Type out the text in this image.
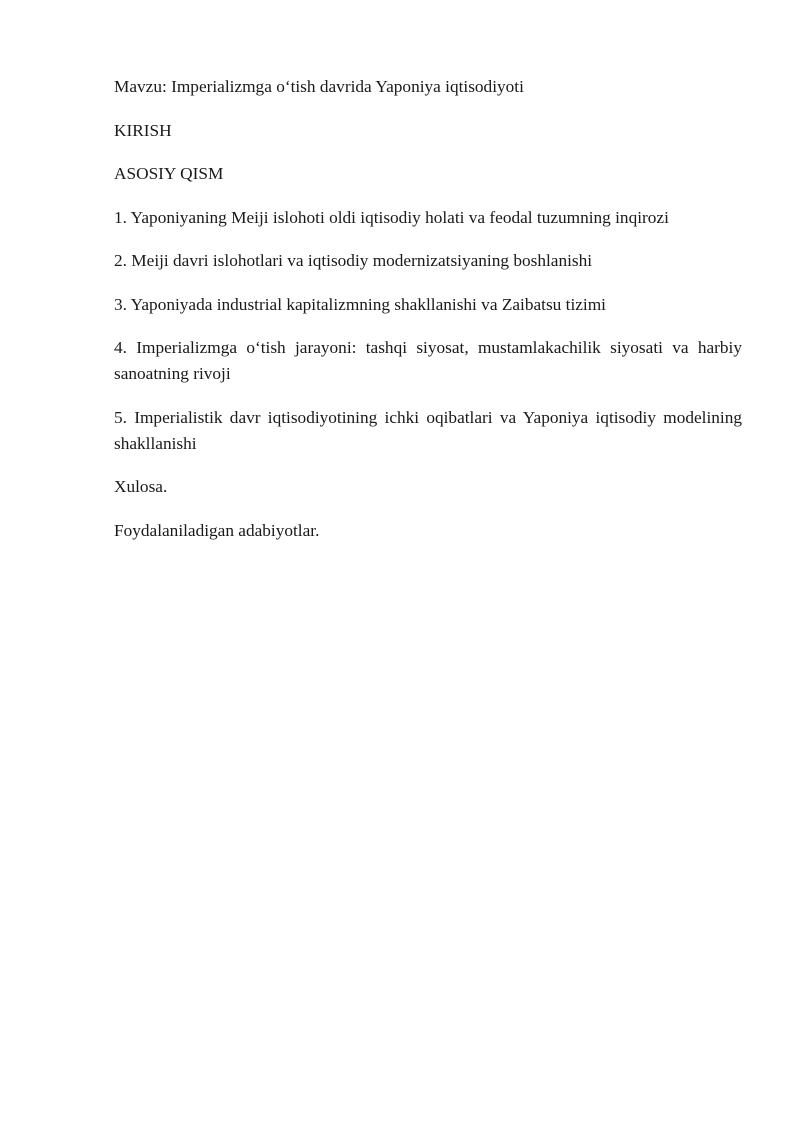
Mavzu: Imperializmga o‘tish davrida Yaponiya iqtisodiyoti

KIRISH

ASOSIY QISM

1. Yaponiyaning Meiji islohoti oldi iqtisodiy holati va feodal tuzumning inqirozi

2. Meiji davri islohotlari va iqtisodiy modernizatsiyaning boshlanishi

3. Yaponiyada industrial kapitalizmning shakllanishi va Zaibatsu tizimi

4. Imperializmga o‘tish jarayoni: tashqi siyosat, mustamlakachilik siyosati va harbiy sanoatning rivoji

5. Imperialistik davr iqtisodiyotining ichki oqibatlari va Yaponiya iqtisodiy modelining shakllanishi

Xulosa.

Foydalaniladigan adabiyotlar.
